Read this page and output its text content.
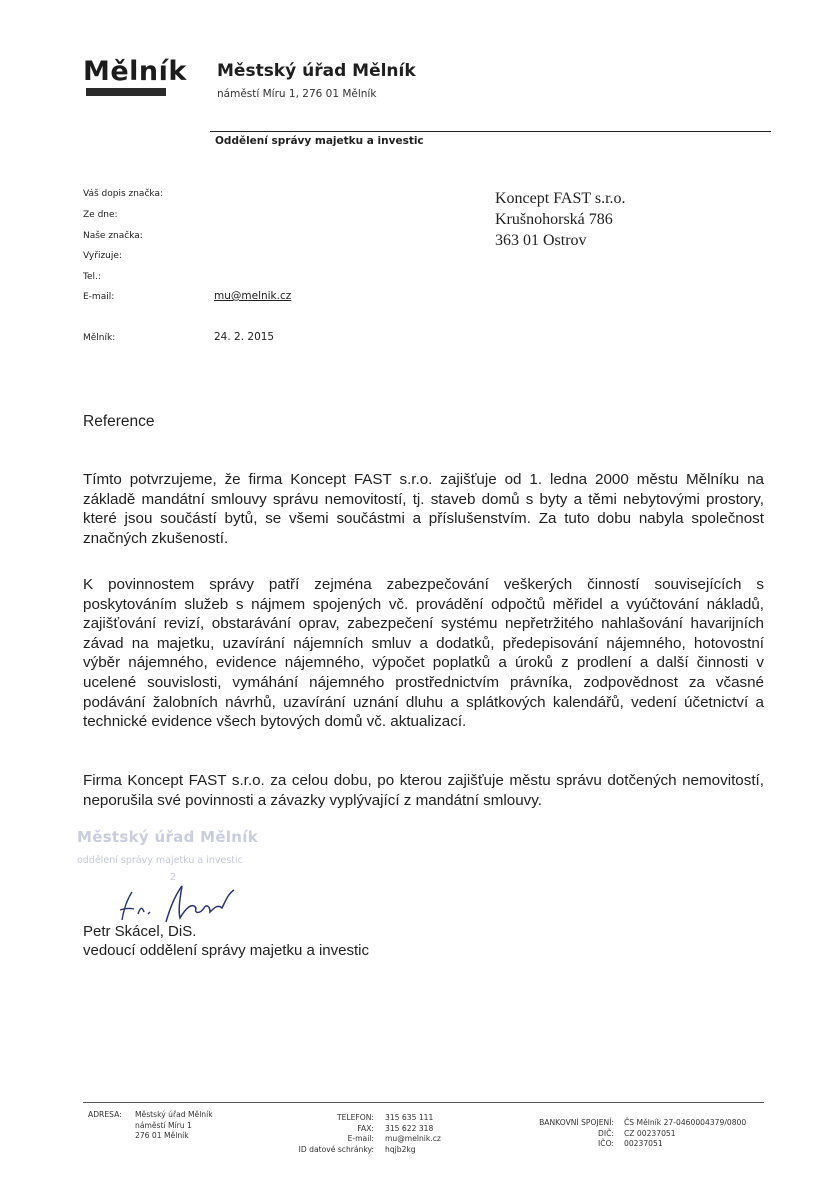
Mělník Městský úřad Mělník
náměstí Míru 1, 276 01 Mělník
Oddělení správy majetku a investic
Váš dopis značka:
Ze dne:
Naše značka:
Vyřizuje:
Tel.:
E-mail:	mu@melnik.cz
Mělník:	24. 2. 2015
Koncept FAST s.r.o.
Krušnohorská 786
363 01 Ostrov
Reference
Tímto potvrzujeme, že firma Koncept FAST s.r.o. zajišťuje od 1. ledna 2000 městu Mělníku na základě mandátní smlouvy správu nemovitostí, tj. staveb domů s byty a těmi nebytovými prostory, které jsou součástí bytů, se všemi součástmi a příslušenstvím. Za tuto dobu nabyla společnost značných zkušeností.
K povinnostem správy patří zejména zabezpečování veškerých činností souvisejících s poskytováním služeb s nájmem spojených vč. provádění odpočtů měřidel a vyúčtování nákladů, zajišťování revizí, obstarávání oprav, zabezpečení systému nepřetržitého nahlašování havarijních závad na majetku, uzavírání nájemních smluv a dodatků, předepisování nájemného, hotovostní výběr nájemného, evidence nájemného, výpočet poplatků a úroků z prodlení a další činnosti v ucelené souvislosti, vymáhání nájemného prostřednictvím právníka, zodpovědnost za včasné podávání žalobních návrhů, uzavírání uznání dluhu a splátkových kalendářů, vedení účetnictví a technické evidence všech bytových domů vč. aktualizací.
Firma Koncept FAST s.r.o. za celou dobu, po kterou zajišťuje městu správu dotčených nemovitostí, neporušila své povinnosti a závazky vyplývající z mandátní smlouvy.
Městský úřad Mělník
oddělení správy majetku a investic
2
Petr Skácel, DiS.
vedoucí oddělení správy majetku a investic
ADRESA: Městský úřad Mělník
náměstí Míru 1
276 01 Mělník
TELEFON:
FAX:
E-mail:
ID datové schránky:
315 635 111
315 622 318
mu@melnik.cz
hqjb2kg
BANKOVNÍ SPOJENÍ:
DIČ:
IČO:
ČS Mělník 27-0460004379/0800
CZ 00237051
00237051
